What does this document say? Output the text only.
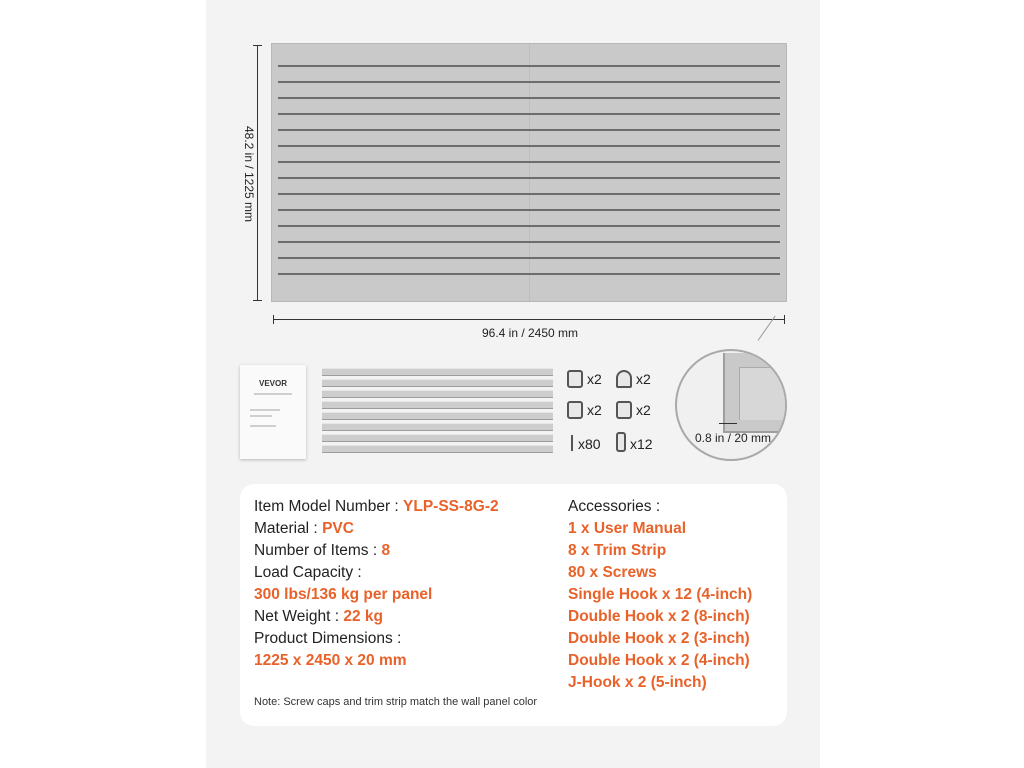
48.2 in / 1225 mm
96.4 in / 2450 mm
VEVOR	x2 x2
x2 x2
x80 x12	0.8 in / 20 mm
Item Model Number : YLP-SS-8G-2
Material : PVC
Number of Items : 8
Load Capacity :
300 lbs/136 kg per panel
Net Weight : 22 kg
Product Dimensions :
1225 x 2450 x 20 mm
Accessories :
1 x User Manual
8 x Trim Strip
80 x Screws
Single Hook x 12 (4-inch)
Double Hook x 2 (8-inch)
Double Hook x 2 (3-inch)
Double Hook x 2 (4-inch)
J-Hook x 2 (5-inch)
Note: Screw caps and trim strip match the wall panel color
